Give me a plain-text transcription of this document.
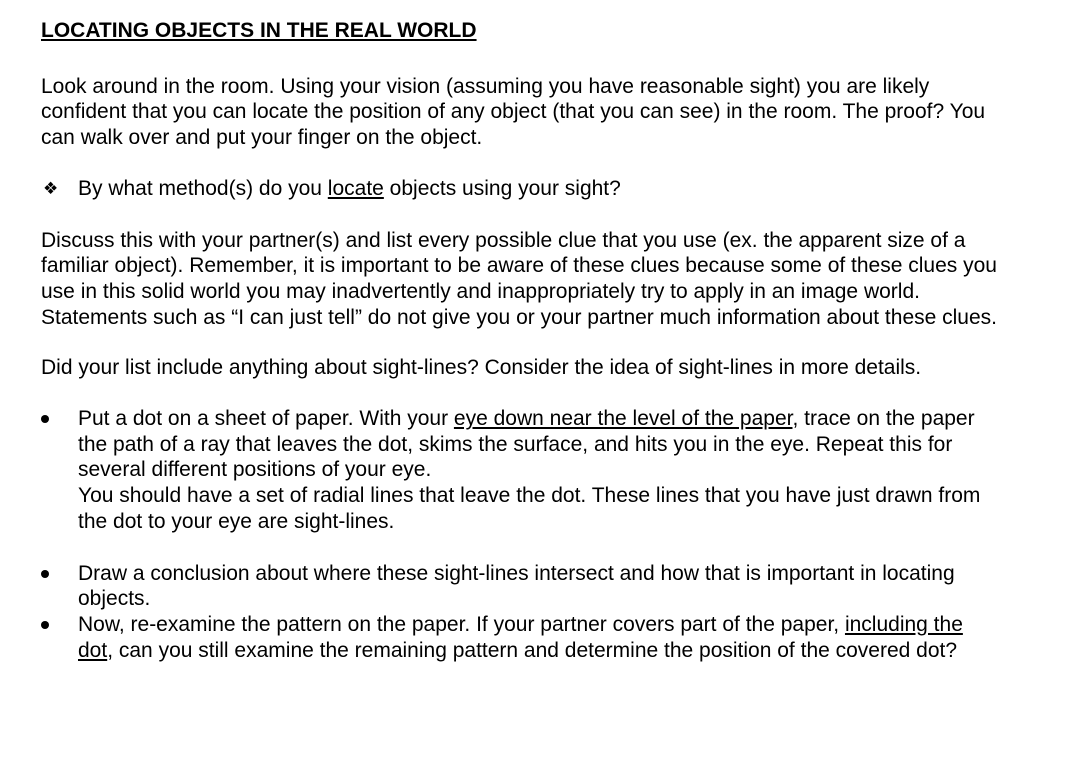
LOCATING OBJECTS IN THE REAL WORLD

Look around in the room. Using your vision (assuming you have reasonable sight) you are likely confident that you can locate the position of any object (that you can see) in the room. The proof? You can walk over and put your finger on the object.

❖ By what method(s) do you locate objects using your sight?

Discuss this with your partner(s) and list every possible clue that you use (ex. the apparent size of a familiar object). Remember, it is important to be aware of these clues because some of these clues you use in this solid world you may inadvertently and inappropriately try to apply in an image world. Statements such as “I can just tell” do not give you or your partner much information about these clues.

Did your list include anything about sight-lines? Consider the idea of sight-lines in more details.

Put a dot on a sheet of paper. With your eye down near the level of the paper, trace on the paper the path of a ray that leaves the dot, skims the surface, and hits you in the eye. Repeat this for several different positions of your eye.
You should have a set of radial lines that leave the dot. These lines that you have just drawn from the dot to your eye are sight-lines.
Draw a conclusion about where these sight-lines intersect and how that is important in locating objects.
Now, re-examine the pattern on the paper. If your partner covers part of the paper, including the dot, can you still examine the remaining pattern and determine the position of the covered dot?
